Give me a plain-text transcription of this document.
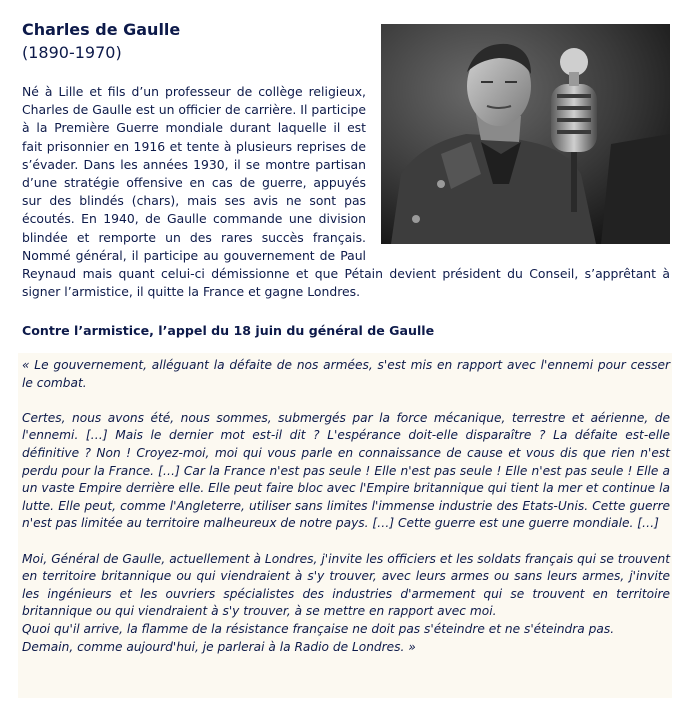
Charles de Gaulle
(1890-1970)
Né à Lille et fils d’un professeur de collège religieux, Charles de Gaulle est un officier de carrière. Il participe à la Première Guerre mondiale durant laquelle il est fait prisonnier en 1916 et tente à plusieurs reprises de s’évader. Dans les années 1930, il se montre partisan d’une stratégie offensive en cas de guerre, appuyés sur des blindés (chars), mais ses avis ne sont pas écoutés. En 1940, de Gaulle commande une division blindée et remporte un des rares succès français. Nommé général, il participe au gouvernement de Paul Reynaud mais quant celui-ci démissionne et que Pétain devient président du Conseil, s’apprêtant à signer l’armistice, il quitte la France et gagne Londres.
Contre l’armistice, l’appel du 18 juin du général de Gaulle

« Le gouvernement, alléguant la défaite de nos armées, s'est mis en rapport avec l'ennemi pour cesser le combat.

Certes, nous avons été, nous sommes, submergés par la force mécanique, terrestre et aérienne, de l'ennemi. […] Mais le dernier mot est-il dit ? L'espérance doit-elle disparaître ? La défaite est-elle définitive ? Non ! Croyez-moi, moi qui vous parle en connaissance de cause et vous dis que rien n'est perdu pour la France. […] Car la France n'est pas seule ! Elle n'est pas seule ! Elle n'est pas seule ! Elle a un vaste Empire derrière elle. Elle peut faire bloc avec l'Empire britannique qui tient la mer et continue la lutte. Elle peut, comme l'Angleterre, utiliser sans limites l'immense industrie des Etats-Unis. Cette guerre n'est pas limitée au territoire malheureux de notre pays. […] Cette guerre est une guerre mondiale. […]

Moi, Général de Gaulle, actuellement à Londres, j'invite les officiers et les soldats français qui se trouvent en territoire britannique ou qui viendraient à s'y trouver, avec leurs armes ou sans leurs armes, j'invite les ingénieurs et les ouvriers spécialistes des industries d'armement qui se trouvent en territoire britannique ou qui viendraient à s'y trouver, à se mettre en rapport avec moi.

Quoi qu'il arrive, la flamme de la résistance française ne doit pas s'éteindre et ne s'éteindra pas.

Demain, comme aujourd'hui, je parlerai à la Radio de Londres. »
